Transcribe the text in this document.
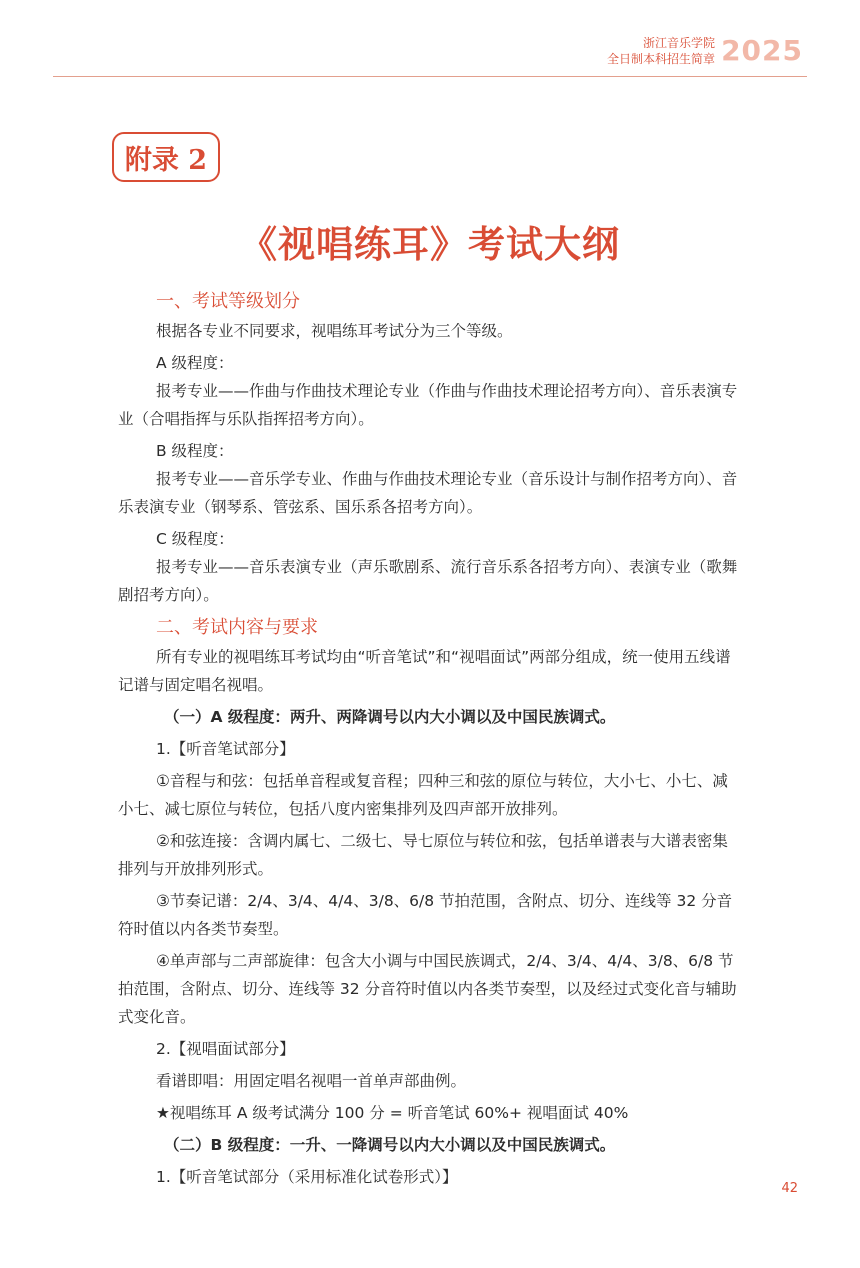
浙江音乐学院
全日制本科招生简章 2025
附录 2
《视唱练耳》考试大纲

一、考试等级划分

根据各专业不同要求，视唱练耳考试分为三个等级。

A 级程度：

报考专业——作曲与作曲技术理论专业（作曲与作曲技术理论招考方向）、音乐表演专业（合唱指挥与乐队指挥招考方向）。

B 级程度：

报考专业——音乐学专业、作曲与作曲技术理论专业（音乐设计与制作招考方向）、音乐表演专业（钢琴系、管弦系、国乐系各招考方向）。

C 级程度：

报考专业——音乐表演专业（声乐歌剧系、流行音乐系各招考方向）、表演专业（歌舞剧招考方向）。

二、考试内容与要求

所有专业的视唱练耳考试均由“听音笔试”和“视唱面试”两部分组成，统一使用五线谱记谱与固定唱名视唱。

（一）A 级程度：两升、两降调号以内大小调以及中国民族调式。

1.【听音笔试部分】

①音程与和弦：包括单音程或复音程；四种三和弦的原位与转位，大小七、小七、减小七、减七原位与转位，包括八度内密集排列及四声部开放排列。

②和弦连接：含调内属七、二级七、导七原位与转位和弦，包括单谱表与大谱表密集排列与开放排列形式。

③节奏记谱：2/4、3/4、4/4、3/8、6/8 节拍范围，含附点、切分、连线等 32 分音符时值以内各类节奏型。

④单声部与二声部旋律：包含大小调与中国民族调式，2/4、3/4、4/4、3/8、6/8 节拍范围，含附点、切分、连线等 32 分音符时值以内各类节奏型，以及经过式变化音与辅助式变化音。

2.【视唱面试部分】

看谱即唱：用固定唱名视唱一首单声部曲例。

★视唱练耳 A 级考试满分 100 分 = 听音笔试 60%+ 视唱面试 40%

（二）B 级程度：一升、一降调号以内大小调以及中国民族调式。

1.【听音笔试部分（采用标准化试卷形式）】

42
